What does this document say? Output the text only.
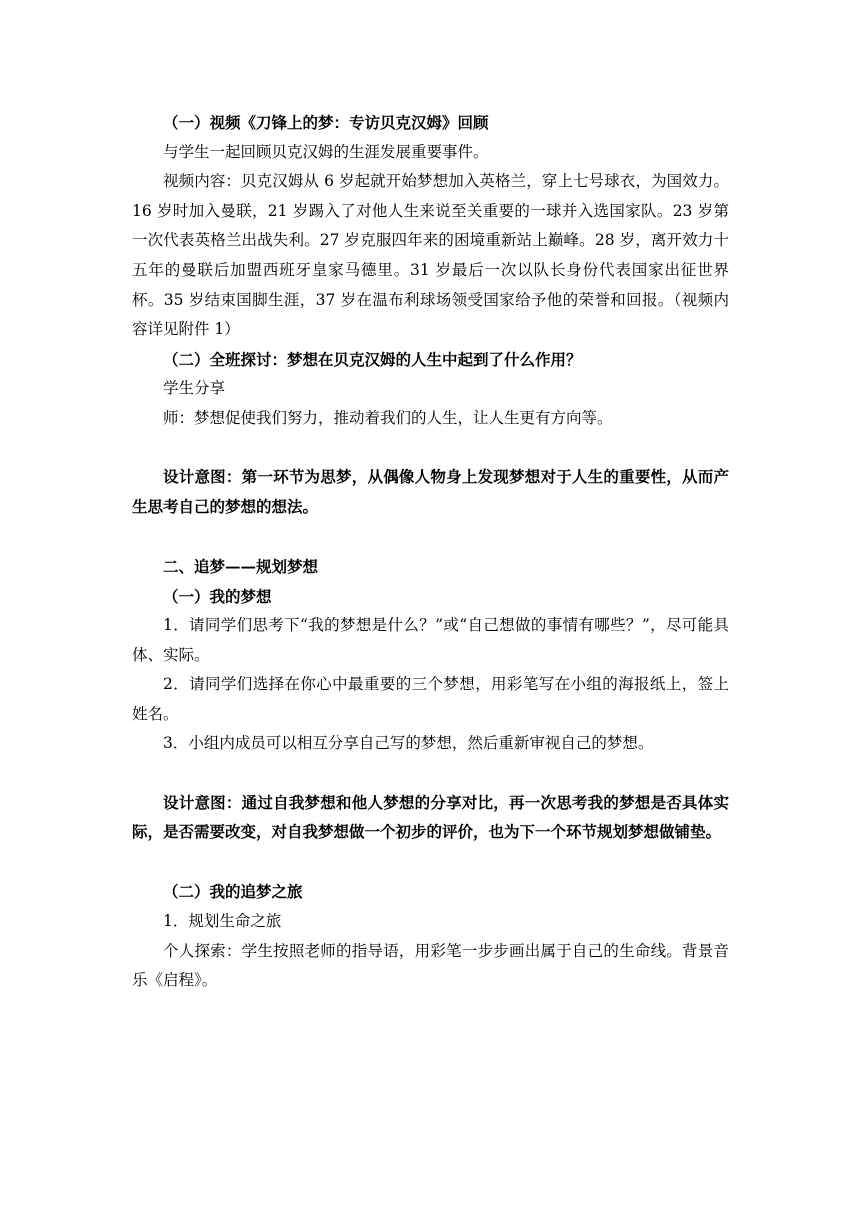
（一）视频《刀锋上的梦：专访贝克汉姆》回顾

与学生一起回顾贝克汉姆的生涯发展重要事件。

视频内容：贝克汉姆从 6 岁起就开始梦想加入英格兰，穿上七号球衣，为国效力。16 岁时加入曼联，21 岁踢入了对他人生来说至关重要的一球并入选国家队。23 岁第一次代表英格兰出战失利。27 岁克服四年来的困境重新站上巅峰。28 岁，离开效力十五年的曼联后加盟西班牙皇家马德里。31 岁最后一次以队长身份代表国家出征世界杯。35 岁结束国脚生涯，37 岁在温布利球场领受国家给予他的荣誉和回报。（视频内容详见附件 1）

（二）全班探讨：梦想在贝克汉姆的人生中起到了什么作用？

学生分享

师：梦想促使我们努力，推动着我们的人生，让人生更有方向等。

设计意图：第一环节为思梦，从偶像人物身上发现梦想对于人生的重要性，从而产生思考自己的梦想的想法。

二、追梦——规划梦想

（一）我的梦想

1．请同学们思考下“我的梦想是什么？”或“自己想做的事情有哪些？”，尽可能具体、实际。

2．请同学们选择在你心中最重要的三个梦想，用彩笔写在小组的海报纸上，签上姓名。

3．小组内成员可以相互分享自己写的梦想，然后重新审视自己的梦想。

设计意图：通过自我梦想和他人梦想的分享对比，再一次思考我的梦想是否具体实际，是否需要改变，对自我梦想做一个初步的评价，也为下一个环节规划梦想做铺垫。

（二）我的追梦之旅

1．规划生命之旅

个人探索：学生按照老师的指导语，用彩笔一步步画出属于自己的生命线。背景音乐《启程》。
